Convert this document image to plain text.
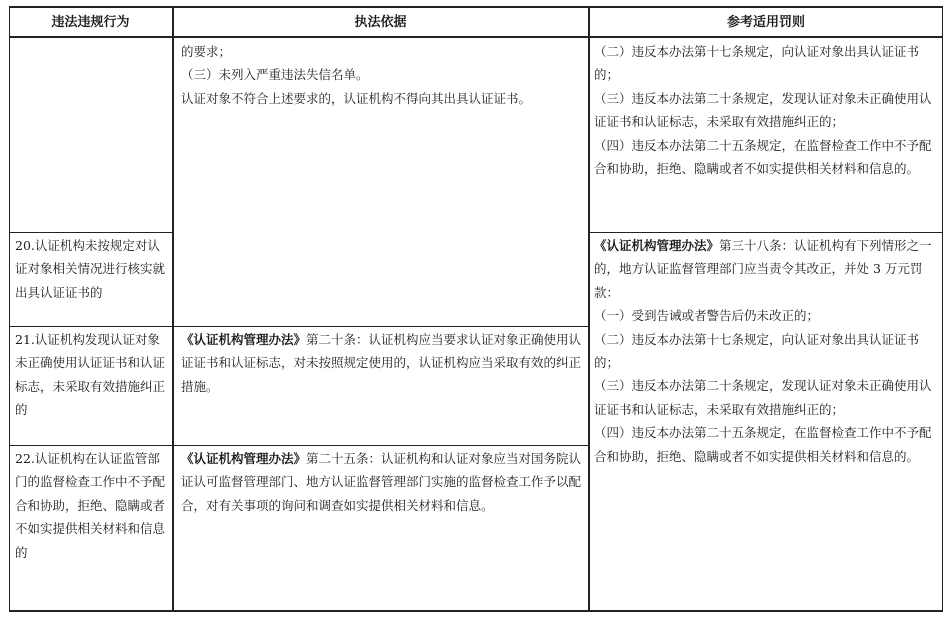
违法违规行为	执法依据	参考适用罚则
的要求；
（三）未列入严重违法失信名单。
认证对象不符合上述要求的，认证机构不得向其出具认证证书。
（二）违反本办法第十七条规定，向认证对象出具认证证书的；
（三）违反本办法第二十条规定，发现认证对象未正确使用认证证书和认证标志，未采取有效措施纠正的；
（四）违反本办法第二十五条规定，在监督检查工作中不予配合和协助，拒绝、隐瞒或者不如实提供相关材料和信息的。
20.认证机构未按规定对认证对象相关情况进行核实就出具认证证书的
21.认证机构发现认证对象未正确使用认证证书和认证标志，未采取有效措施纠正的
《认证机构管理办法》第二十条：认证机构应当要求认证对象正确使用认证证书和认证标志，对未按照规定使用的，认证机构应当采取有效的纠正措施。
22.认证机构在认证监管部门的监督检查工作中不予配合和协助，拒绝、隐瞒或者不如实提供相关材料和信息的
《认证机构管理办法》第二十五条：认证机构和认证对象应当对国务院认证认可监督管理部门、地方认证监督管理部门实施的监督检查工作予以配合，对有关事项的询问和调查如实提供相关材料和信息。
《认证机构管理办法》第三十八条：认证机构有下列情形之一的，地方认证监督管理部门应当责令其改正，并处 3 万元罚款：
（一）受到告诫或者警告后仍未改正的；
（二）违反本办法第十七条规定，向认证对象出具认证证书的；
（三）违反本办法第二十条规定，发现认证对象未正确使用认证证书和认证标志，未采取有效措施纠正的；
（四）违反本办法第二十五条规定，在监督检查工作中不予配合和协助，拒绝、隐瞒或者不如实提供相关材料和信息的。
